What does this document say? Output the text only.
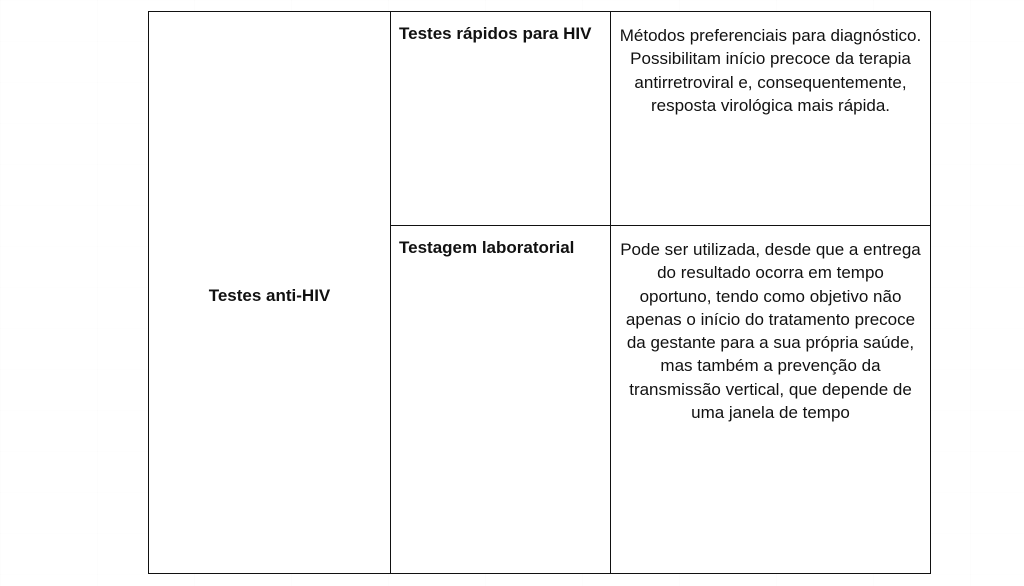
Testes anti-HIV	Testes rápidos para HIV	Métodos preferenciais para diagnóstico. Possibilitam início precoce da terapia antirretroviral e, consequentemente, resposta virológica mais rápida.
	Testagem laboratorial	Pode ser utilizada, desde que a entrega do resultado ocorra em tempo oportuno, tendo como objetivo não apenas o início do tratamento precoce da gestante para a sua própria saúde, mas também a prevenção da transmissão vertical, que depende de uma janela de tempo
